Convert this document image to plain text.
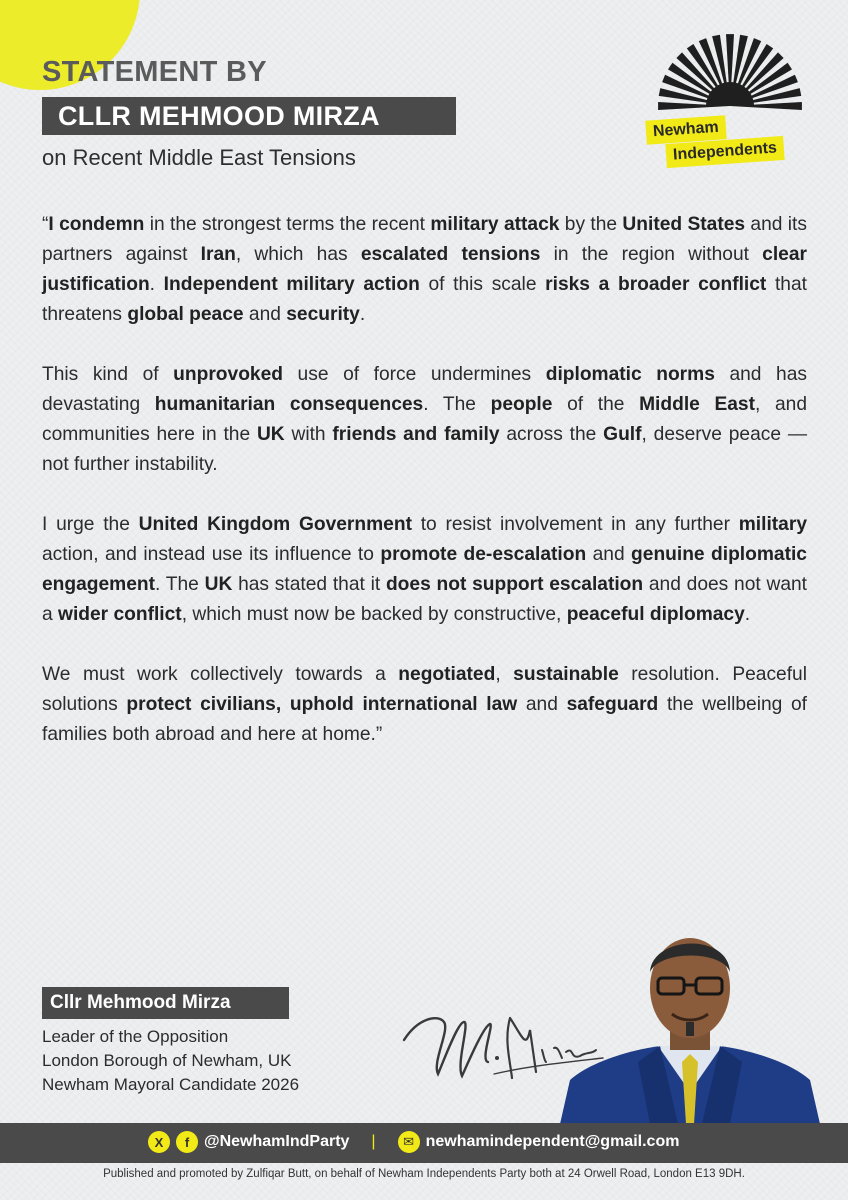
STATEMENT BY
CLLR MEHMOOD MIRZA
on Recent Middle East Tensions
Newham
Independents

“I condemn in the strongest terms the recent military attack by the United States and its partners against Iran, which has escalated tensions in the region without clear justification. Independent military action of this scale risks a broader conflict that threatens global peace and security.

This kind of unprovoked use of force undermines diplomatic norms and has devastating humanitarian consequences. The people of the Middle East, and communities here in the UK with friends and family across the Gulf, deserve peace — not further instability.

I urge the United Kingdom Government to resist involvement in any further military action, and instead use its influence to promote de-escalation and genuine diplomatic engagement. The UK has stated that it does not support escalation and does not want a wider conflict, which must now be backed by constructive, peaceful diplomacy.

We must work collectively towards a negotiated, sustainable resolution. Peaceful solutions protect civilians, uphold international law and safeguard the wellbeing of families both abroad and here at home.”

Cllr Mehmood Mirza
Leader of the Opposition
London Borough of Newham, UK
Newham Mayoral Candidate 2026
X	f @NewhamIndParty |	✉ newhamindependent@gmail.com
Published and promoted by Zulfiqar Butt, on behalf of Newham Independents Party both at 24 Orwell Road, London E13 9DH.
